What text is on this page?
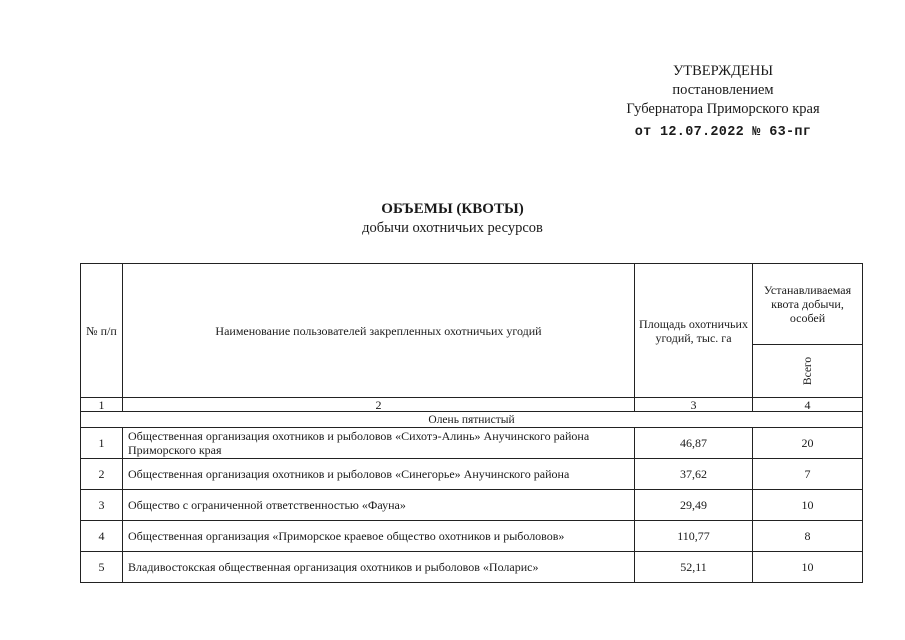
УТВЕРЖДЕНЫ
постановлением
Губернатора Приморского края
от 12.07.2022 № 63-пг
ОБЪЕМЫ (КВОТЫ)
добычи охотничьих ресурсов
№ п/п	Наименование пользователей закрепленных охотничьих угодий	Площадь охотничьих угодий, тыс. га	Устанавливаемая квота добычи, особей

			Всего

1	2	3	4
Олень пятнистый			
1	Общественная организация охотников и рыболовов «Сихотэ-Алинь» Анучинского района Приморского края	46,87	20
2	Общественная организация охотников и рыболовов «Синегорье» Анучинского района	37,62	7
3	Общество с ограниченной ответственностью «Фауна»	29,49	10
4	Общественная организация «Приморское краевое общество охотников и рыболовов»	110,77	8
5	Владивостокская общественная организация охотников и рыболовов «Поларис»	52,11	10
